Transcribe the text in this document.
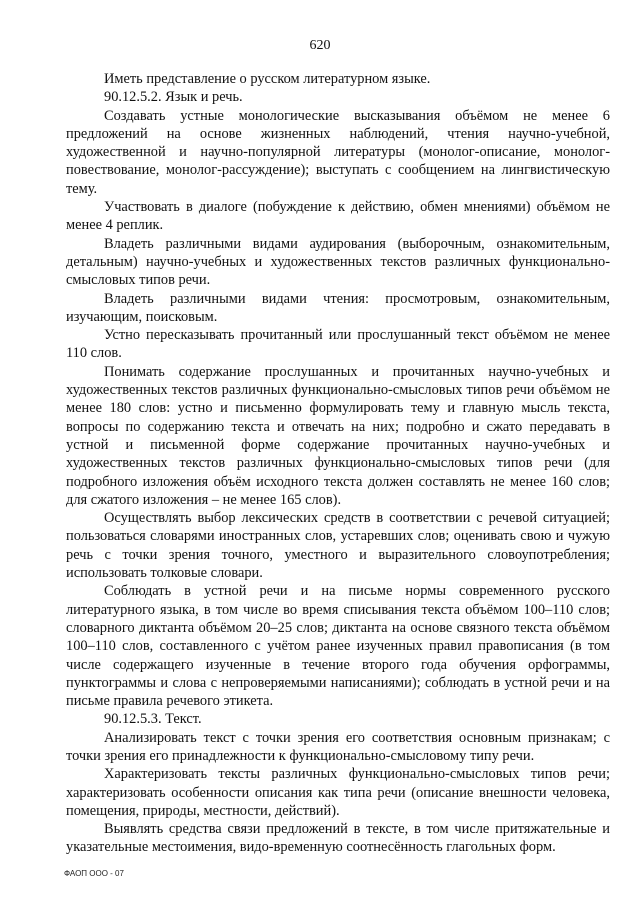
620

Иметь представление о русском литературном языке.

90.12.5.2. Язык и речь.

Создавать устные монологические высказывания объёмом не менее 6 предложений на основе жизненных наблюдений, чтения научно-учебной, художественной и научно-популярной литературы (монолог-описание, монолог-повествование, монолог-рассуждение); выступать с сообщением на лингвистическую тему.

Участвовать в диалоге (побуждение к действию, обмен мнениями) объёмом не менее 4 реплик.

Владеть различными видами аудирования (выборочным, ознакомительным, детальным) научно-учебных и художественных текстов различных функционально-смысловых типов речи.

Владеть различными видами чтения: просмотровым, ознакомительным, изучающим, поисковым.

Устно пересказывать прочитанный или прослушанный текст объёмом не менее 110 слов.

Понимать содержание прослушанных и прочитанных научно-учебных и художественных текстов различных функционально-смысловых типов речи объёмом не менее 180 слов: устно и письменно формулировать тему и главную мысль текста, вопросы по содержанию текста и отвечать на них; подробно и сжато передавать в устной и письменной форме содержание прочитанных научно-учебных и художественных текстов различных функционально-смысловых типов речи (для подробного изложения объём исходного текста должен составлять не менее 160 слов; для сжатого изложения – не менее 165 слов).

Осуществлять выбор лексических средств в соответствии с речевой ситуацией; пользоваться словарями иностранных слов, устаревших слов; оценивать свою и чужую речь с точки зрения точного, уместного и выразительного словоупотребления; использовать толковые словари.

Соблюдать в устной речи и на письме нормы современного русского литературного языка, в том числе во время списывания текста объёмом 100–110 слов; словарного диктанта объёмом 20–25 слов; диктанта на основе связного текста объёмом 100–110 слов, составленного с учётом ранее изученных правил правописания (в том числе содержащего изученные в течение второго года обучения орфограммы, пунктограммы и слова с непроверяемыми написаниями); соблюдать в устной речи и на письме правила речевого этикета.

90.12.5.3. Текст.

Анализировать текст с точки зрения его соответствия основным признакам; с точки зрения его принадлежности к функционально-смысловому типу речи.

Характеризовать тексты различных функционально-смысловых типов речи; характеризовать особенности описания как типа речи (описание внешности человека, помещения, природы, местности, действий).

Выявлять средства связи предложений в тексте, в том числе притяжательные и указательные местоимения, видо-временную соотнесённость глагольных форм.

ФАОП ООО - 07
